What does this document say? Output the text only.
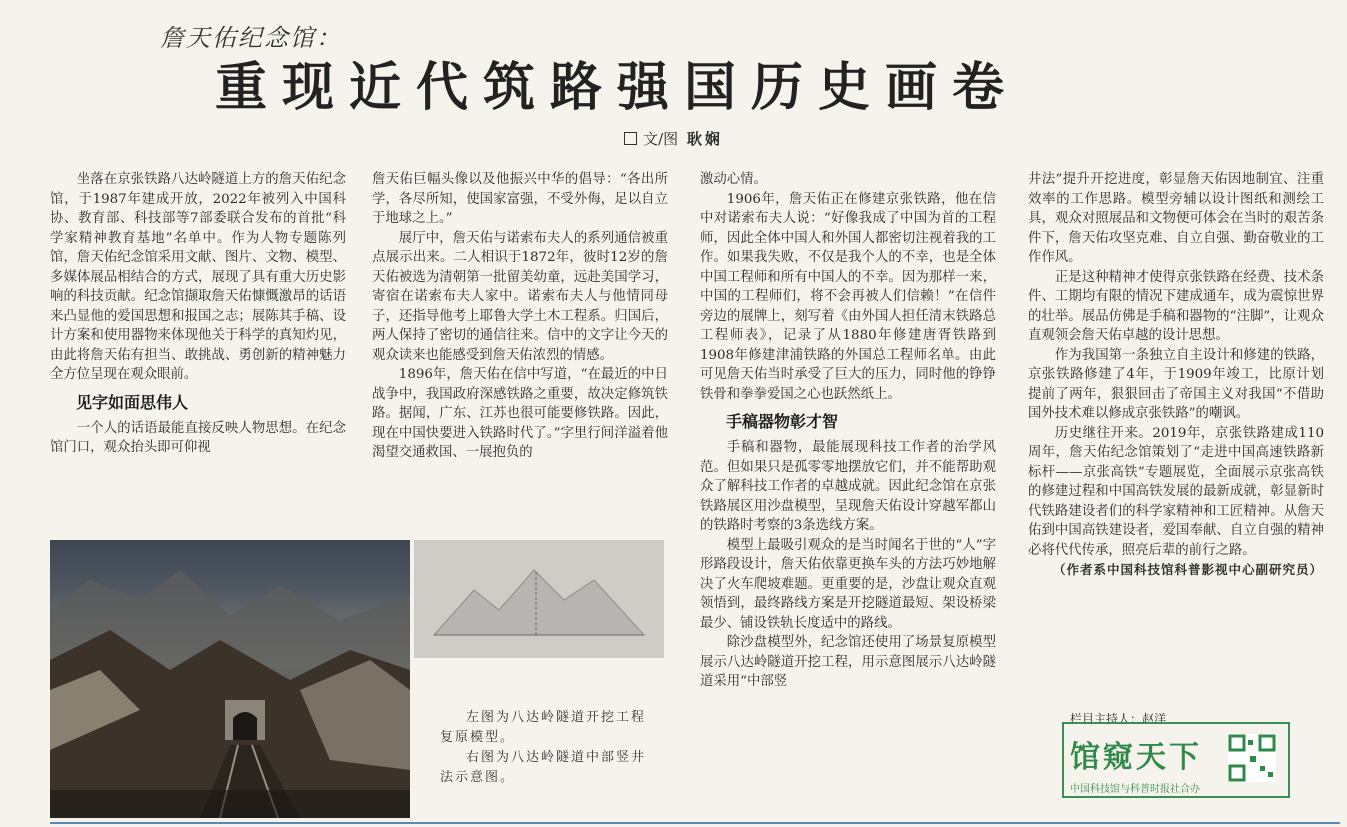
詹天佑纪念馆：
重现近代筑路强国历史画卷
文/图 耿娴

坐落在京张铁路八达岭隧道上方的詹天佑纪念馆，于1987年建成开放，2022年被列入中国科协、教育部、科技部等7部委联合发布的首批“科学家精神教育基地”名单中。作为人物专题陈列馆，詹天佑纪念馆采用文献、图片、文物、模型、多媒体展品相结合的方式，展现了具有重大历史影响的科技贡献。纪念馆撷取詹天佑慷慨激昂的话语来凸显他的爱国思想和报国之志；展陈其手稿、设计方案和使用器物来体现他关于科学的真知灼见，由此将詹天佑有担当、敢挑战、勇创新的精神魅力全方位呈现在观众眼前。

见字如面思伟人

一个人的话语最能直接反映人物思想。在纪念馆门口，观众抬头即可仰视

詹天佑巨幅头像以及他振兴中华的倡导：“各出所学，各尽所知，使国家富强，不受外侮，足以自立于地球之上。”

展厅中，詹天佑与诺索布夫人的系列通信被重点展示出来。二人相识于1872年，彼时12岁的詹天佑被选为清朝第一批留美幼童，远赴美国学习，寄宿在诺索布夫人家中。诺索布夫人与他情同母子，还指导他考上耶鲁大学土木工程系。归国后，两人保持了密切的通信往来。信中的文字让今天的观众读来也能感受到詹天佑浓烈的情感。

1896年，詹天佑在信中写道，“在最近的中日战争中，我国政府深感铁路之重要，故决定修筑铁路。据闻，广东、江苏也很可能要修铁路。因此，现在中国快要进入铁路时代了。”字里行间洋溢着他渴望交通救国、一展抱负的

激动心情。

1906年，詹天佑正在修建京张铁路，他在信中对诺索布夫人说：“好像我成了中国为首的工程师，因此全体中国人和外国人都密切注视着我的工作。如果我失败，不仅是我个人的不幸，也是全体中国工程师和所有中国人的不幸。因为那样一来，中国的工程师们，将不会再被人们信赖！”在信件旁边的展牌上，刻写着《由外国人担任清末铁路总工程师表》，记录了从1880年修建唐胥铁路到1908年修建津浦铁路的外国总工程师名单。由此可见詹天佑当时承受了巨大的压力，同时他的铮铮铁骨和拳拳爱国之心也跃然纸上。

手稿器物彰才智

手稿和器物，最能展现科技工作者的治学风范。但如果只是孤零零地摆放它们，并不能帮助观众了解科技工作者的卓越成就。因此纪念馆在京张铁路展区用沙盘模型，呈现詹天佑设计穿越军都山的铁路时考察的3条选线方案。

模型上最吸引观众的是当时闻名于世的“人”字形路段设计，詹天佑依靠更换车头的方法巧妙地解决了火车爬坡难题。更重要的是，沙盘让观众直观领悟到，最终路线方案是开挖隧道最短、架设桥梁最少、铺设铁轨长度适中的路线。

除沙盘模型外，纪念馆还使用了场景复原模型展示八达岭隧道开挖工程，用示意图展示八达岭隧道采用“中部竖

井法”提升开挖进度，彰显詹天佑因地制宜、注重效率的工作思路。模型旁辅以设计图纸和测绘工具，观众对照展品和文物便可体会在当时的艰苦条件下，詹天佑攻坚克难、自立自强、勤奋敬业的工作作风。

正是这种精神才使得京张铁路在经费、技术条件、工期均有限的情况下建成通车，成为震惊世界的壮举。展品仿佛是手稿和器物的“注脚”，让观众直观领会詹天佑卓越的设计思想。

作为我国第一条独立自主设计和修建的铁路，京张铁路修建了4年，于1909年竣工，比原计划提前了两年，狠狠回击了帝国主义对我国“不借助国外技术难以修成京张铁路”的嘲讽。

历史继往开来。2019年，京张铁路建成110周年，詹天佑纪念馆策划了“走进中国高速铁路新标杆——京张高铁”专题展览，全面展示京张高铁的修建过程和中国高铁发展的最新成就，彰显新时代铁路建设者们的科学家精神和工匠精神。从詹天佑到中国高铁建设者，爱国奉献、自立自强的精神必将代代传承，照亮后辈的前行之路。

（作者系中国科技馆科普影视中心副研究员）

左图为八达岭隧道开挖工程复原模型。

右图为八达岭隧道中部竖井法示意图。

栏目主持人：赵洋
馆窥天下
中国科技馆与科普时报社合办
